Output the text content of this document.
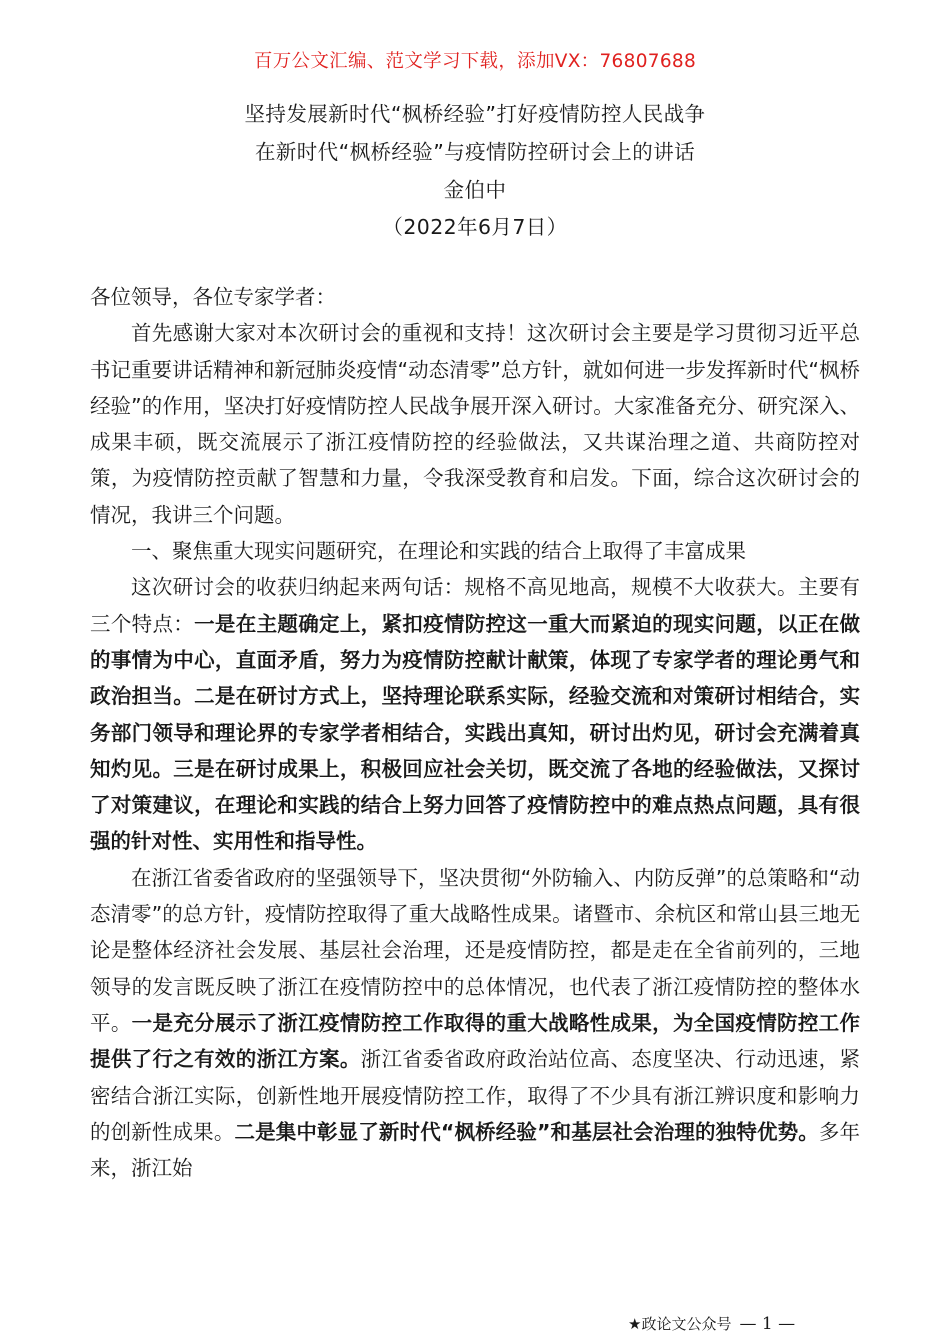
百万公文汇编、范文学习下载，添加VX：76807688
坚持发展新时代“枫桥经验”打好疫情防控人民战争
在新时代“枫桥经验”与疫情防控研讨会上的讲话
金伯中
（2022年6月7日）

各位领导，各位专家学者：

首先感谢大家对本次研讨会的重视和支持！这次研讨会主要是学习贯彻习近平总书记重要讲话精神和新冠肺炎疫情“动态清零”总方针，就如何进一步发挥新时代“枫桥经验”的作用，坚决打好疫情防控人民战争展开深入研讨。大家准备充分、研究深入、成果丰硕，既交流展示了浙江疫情防控的经验做法，又共谋治理之道、共商防控对策，为疫情防控贡献了智慧和力量，令我深受教育和启发。下面，综合这次研讨会的情况，我讲三个问题。

一、聚焦重大现实问题研究，在理论和实践的结合上取得了丰富成果

这次研讨会的收获归纳起来两句话：规格不高见地高，规模不大收获大。主要有三个特点：一是在主题确定上，紧扣疫情防控这一重大而紧迫的现实问题，以正在做的事情为中心，直面矛盾，努力为疫情防控献计献策，体现了专家学者的理论勇气和政治担当。二是在研讨方式上，坚持理论联系实际，经验交流和对策研讨相结合，实务部门领导和理论界的专家学者相结合，实践出真知，研讨出灼见，研讨会充满着真知灼见。三是在研讨成果上，积极回应社会关切，既交流了各地的经验做法，又探讨了对策建议，在理论和实践的结合上努力回答了疫情防控中的难点热点问题，具有很强的针对性、实用性和指导性。

在浙江省委省政府的坚强领导下，坚决贯彻“外防输入、内防反弹”的总策略和“动态清零”的总方针，疫情防控取得了重大战略性成果。诸暨市、余杭区和常山县三地无论是整体经济社会发展、基层社会治理，还是疫情防控，都是走在全省前列的，三地领导的发言既反映了浙江在疫情防控中的总体情况，也代表了浙江疫情防控的整体水平。一是充分展示了浙江疫情防控工作取得的重大战略性成果，为全国疫情防控工作提供了行之有效的浙江方案。浙江省委省政府政治站位高、态度坚决、行动迅速，紧密结合浙江实际，创新性地开展疫情防控工作，取得了不少具有浙江辨识度和影响力的创新性成果。二是集中彰显了新时代“枫桥经验”和基层社会治理的独特优势。多年来，浙江始

★政论文公众号 — 1 —
